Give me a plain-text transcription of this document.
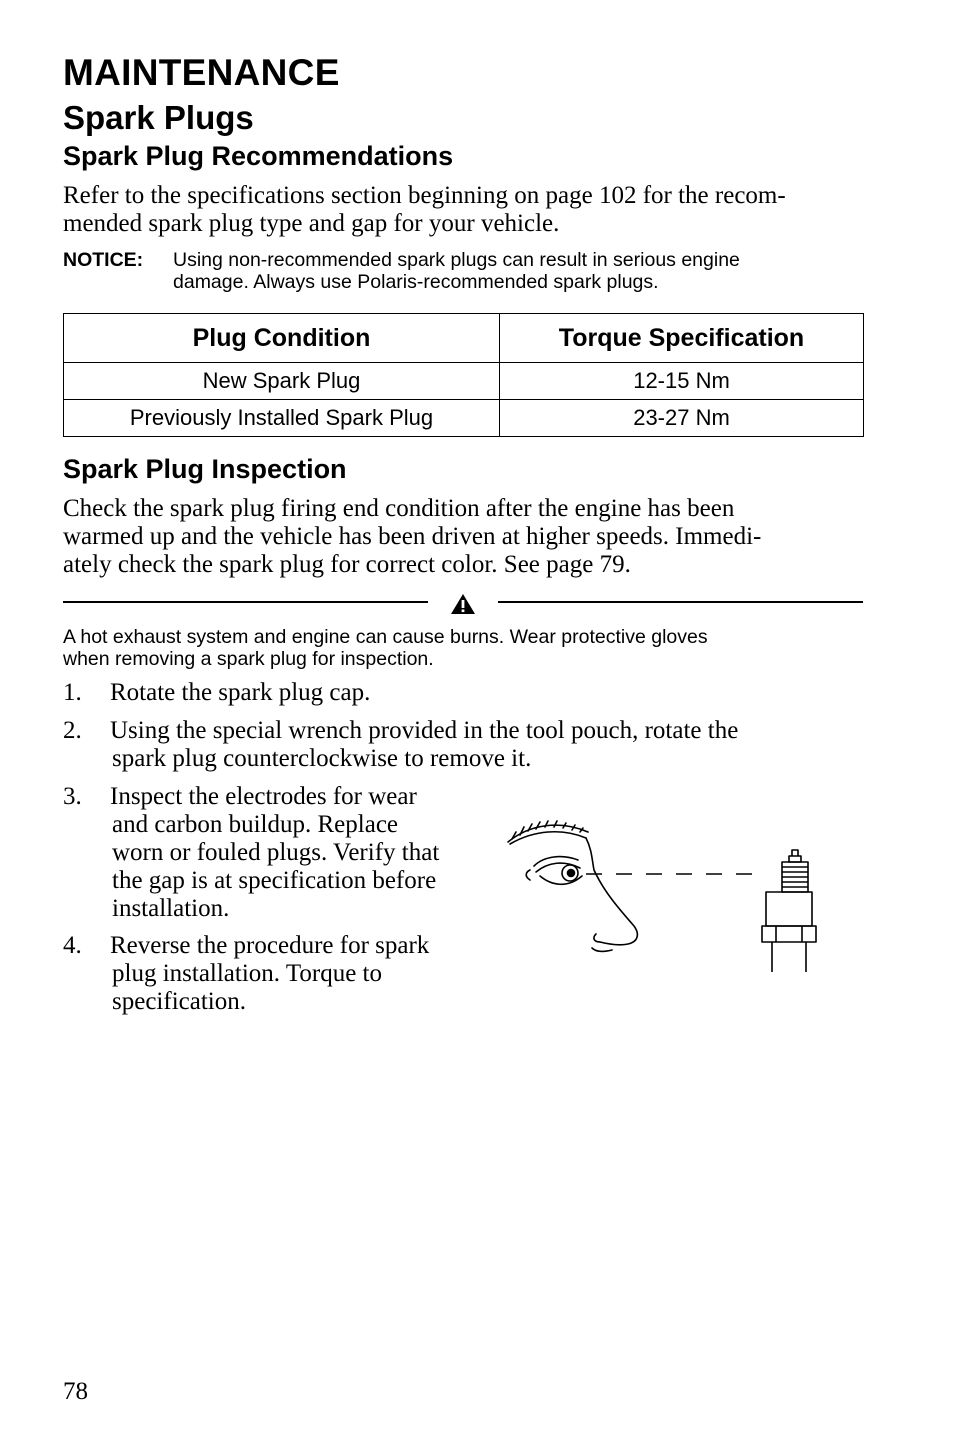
MAINTENANCE
Spark Plugs
Spark Plug Recommendations
Refer to the specifications section beginning on page 102 for the recom-
mended spark plug type and gap for your vehicle.
NOTICE: Using non-recommended spark plugs can result in serious engine
damage. Always use Polaris-recommended spark plugs.
Plug Condition	Torque Specification
New Spark Plug	12-15 Nm
Previously Installed Spark Plug	23-27 Nm
Spark Plug Inspection
Check the spark plug firing end condition after the engine has been
warmed up and the vehicle has been driven at higher speeds. Immedi-
ately check the spark plug for correct color. See page 79.
A hot exhaust system and engine can cause burns. Wear protective gloves
when removing a spark plug for inspection.
1. Rotate the spark plug cap.
2. Using the special wrench provided in the tool pouch, rotate the
spark plug counterclockwise to remove it.
3. Inspect the electrodes for wear
and carbon buildup. Replace
worn or fouled plugs. Verify that
the gap is at specification before
installation.
4. Reverse the procedure for spark
plug installation. Torque to
specification.
78
